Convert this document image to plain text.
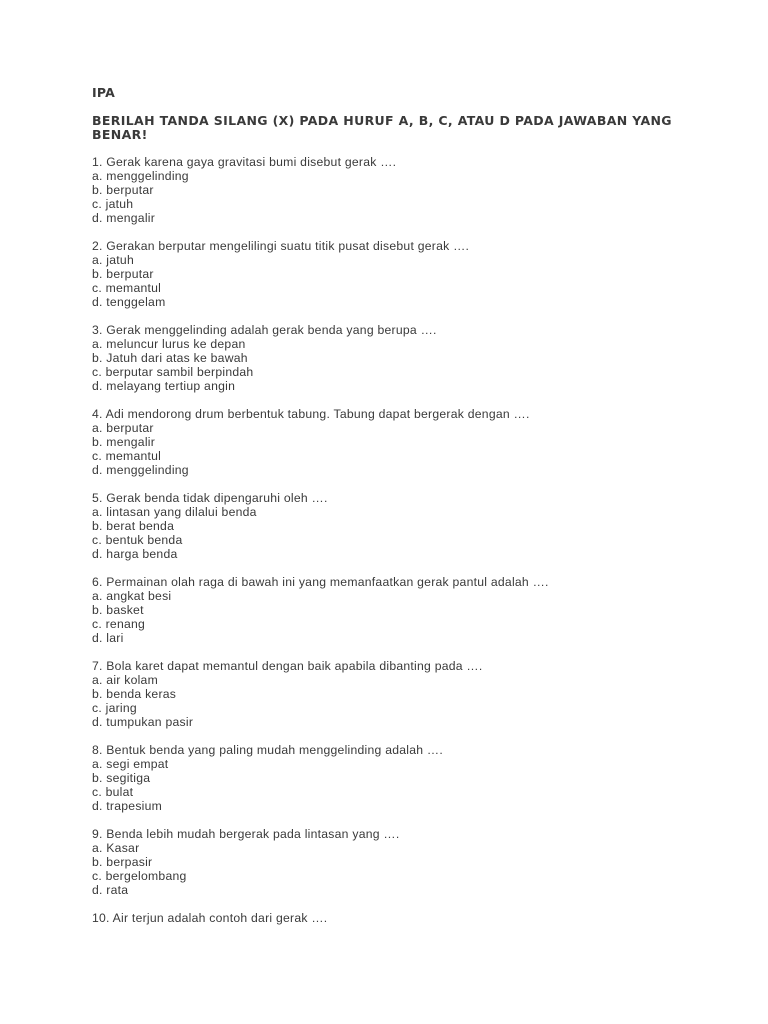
IPA
BERILAH TANDA SILANG (X) PADA HURUF A, B, C, ATAU D PADA JAWABAN YANG BENAR!
1. Gerak karena gaya gravitasi bumi disebut gerak ….
a. menggelinding
b. berputar
c. jatuh
d. mengalir
2. Gerakan berputar mengelilingi suatu titik pusat disebut gerak ….
a. jatuh
b. berputar
c. memantul
d. tenggelam
3. Gerak menggelinding adalah gerak benda yang berupa ….
a. meluncur lurus ke depan
b. Jatuh dari atas ke bawah
c. berputar sambil berpindah
d. melayang tertiup angin
4. Adi mendorong drum berbentuk tabung. Tabung dapat bergerak dengan ….
a. berputar
b. mengalir
c. memantul
d. menggelinding
5. Gerak benda tidak dipengaruhi oleh ….
a. lintasan yang dilalui benda
b. berat benda
c. bentuk benda
d. harga benda
6. Permainan olah raga di bawah ini yang memanfaatkan gerak pantul adalah ….
a. angkat besi
b. basket
c. renang
d. lari
7. Bola karet dapat memantul dengan baik apabila dibanting pada ….
a. air kolam
b. benda keras
c. jaring
d. tumpukan pasir
8. Bentuk benda yang paling mudah menggelinding adalah ….
a. segi empat
b. segitiga
c. bulat
d. trapesium
9. Benda lebih mudah bergerak pada lintasan yang ….
a. Kasar
b. berpasir
c. bergelombang
d. rata
10. Air terjun adalah contoh dari gerak ….
